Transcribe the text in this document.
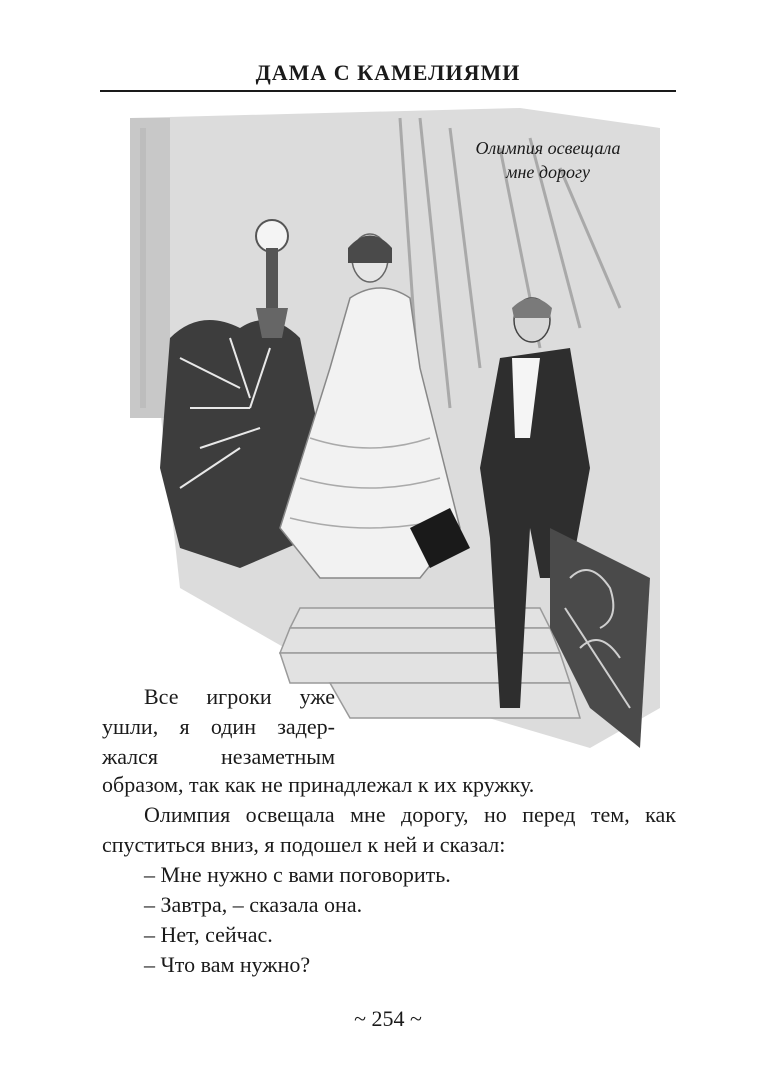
ДАМА С КАМЕЛИЯМИ
Олимпия освещала
мне дорогу

Все игроки уже

ушли, я один задер-

жался незаметным

образом, так как не принадлежал к их кружку.

Олимпия освещала мне дорогу, но перед тем, как

спуститься вниз, я подошел к ней и сказал:

– Мне нужно с вами поговорить.

– Завтра, – сказала она.

– Нет, сейчас.

– Что вам нужно?

~ 254 ~
